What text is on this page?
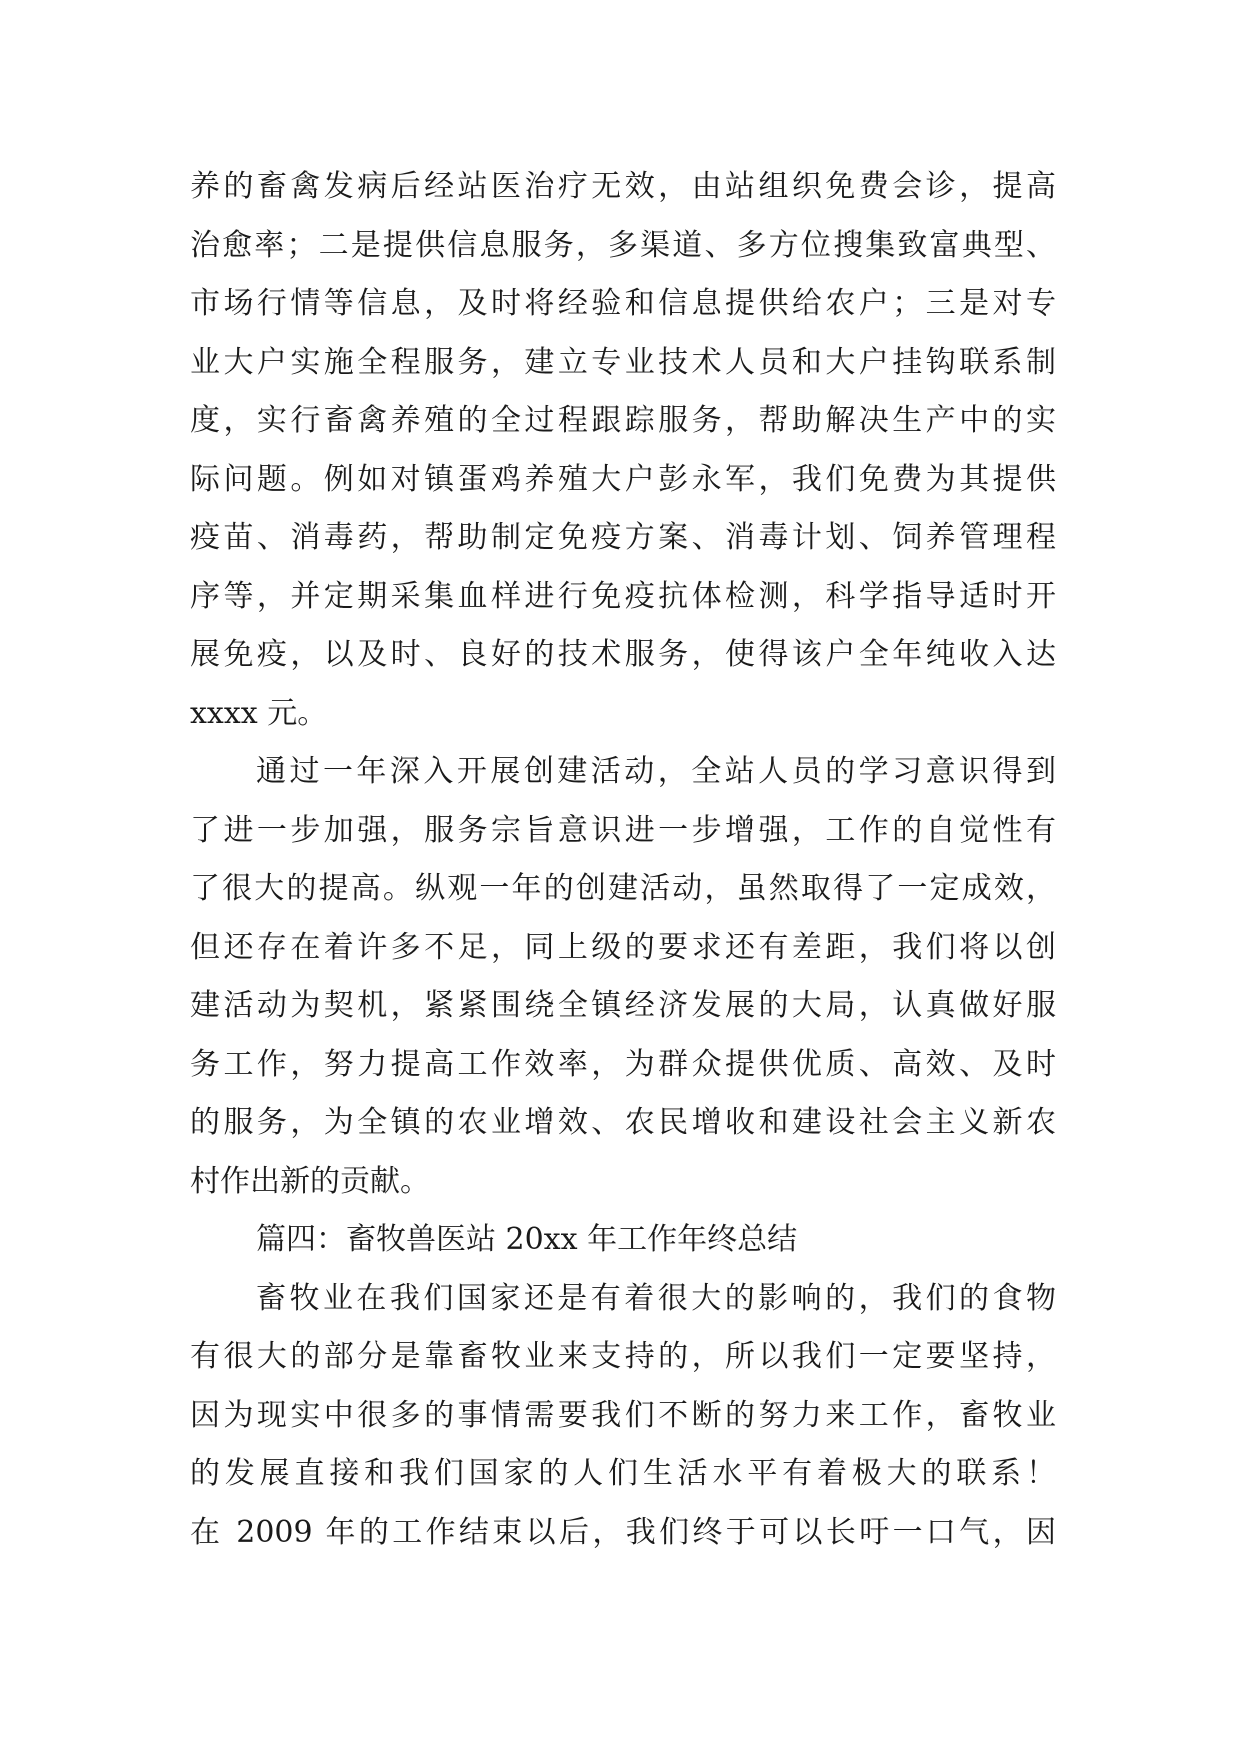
养的畜禽发病后经站医治疗无效，由站组织免费会诊，提高
治愈率；二是提供信息服务，多渠道、多方位搜集致富典型、
市场行情等信息，及时将经验和信息提供给农户；三是对专
业大户实施全程服务，建立专业技术人员和大户挂钩联系制
度，实行畜禽养殖的全过程跟踪服务，帮助解决生产中的实
际问题。例如对镇蛋鸡养殖大户彭永军，我们免费为其提供
疫苗、消毒药，帮助制定免疫方案、消毒计划、饲养管理程
序等，并定期采集血样进行免疫抗体检测，科学指导适时开
展免疫，以及时、良好的技术服务，使得该户全年纯收入达
xxxx 元。
通过一年深入开展创建活动，全站人员的学习意识得到
了进一步加强，服务宗旨意识进一步增强，工作的自觉性有
了很大的提高。纵观一年的创建活动，虽然取得了一定成效，
但还存在着许多不足，同上级的要求还有差距，我们将以创
建活动为契机，紧紧围绕全镇经济发展的大局，认真做好服
务工作，努力提高工作效率，为群众提供优质、高效、及时
的服务，为全镇的农业增效、农民增收和建设社会主义新农
村作出新的贡献。
篇四：畜牧兽医站 20xx 年工作年终总结
畜牧业在我们国家还是有着很大的影响的，我们的食物
有很大的部分是靠畜牧业来支持的，所以我们一定要坚持，
因为现实中很多的事情需要我们不断的努力来工作，畜牧业
的发展直接和我们国家的人们生活水平有着极大的联系！
在 2009 年的工作结束以后，我们终于可以长吁一口气，因
